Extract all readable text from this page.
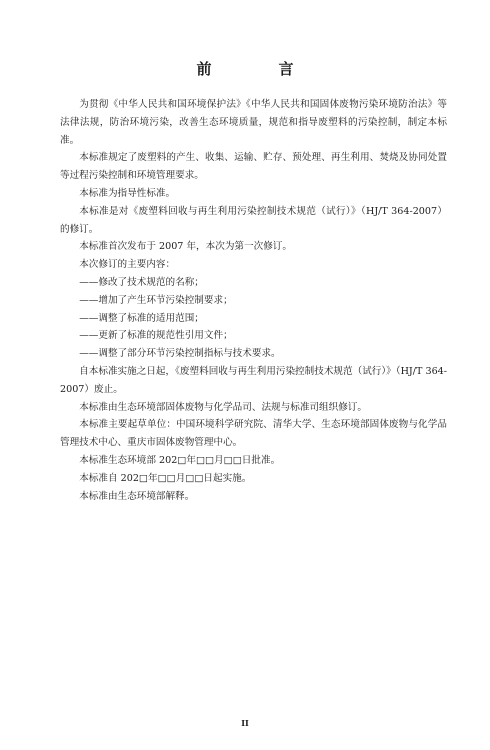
前　言

为贯彻《中华人民共和国环境保护法》《中华人民共和国固体废物污染环境防治法》等法律法规，防治环境污染，改善生态环境质量，规范和指导废塑料的污染控制，制定本标准。

本标准规定了废塑料的产生、收集、运输、贮存、预处理、再生利用、焚烧及协同处置等过程污染控制和环境管理要求。

本标准为指导性标准。

本标准是对《废塑料回收与再生利用污染控制技术规范（试行）》（HJ/T 364-2007）的修订。

本标准首次发布于 2007 年，本次为第一次修订。

本次修订的主要内容：

——修改了技术规范的名称；

——增加了产生环节污染控制要求；

——调整了标准的适用范围；

——更新了标准的规范性引用文件；

——调整了部分环节污染控制指标与技术要求。

自本标准实施之日起，《废塑料回收与再生利用污染控制技术规范（试行）》（HJ/T 364-2007）废止。

本标准由生态环境部固体废物与化学品司、法规与标准司组织修订。

本标准主要起草单位：中国环境科学研究院、清华大学、生态环境部固体废物与化学品管理技术中心、重庆市固体废物管理中心。

本标准生态环境部 202□年□□月□□日批准。

本标准自 202□年□□月□□日起实施。

本标准由生态环境部解释。

II
